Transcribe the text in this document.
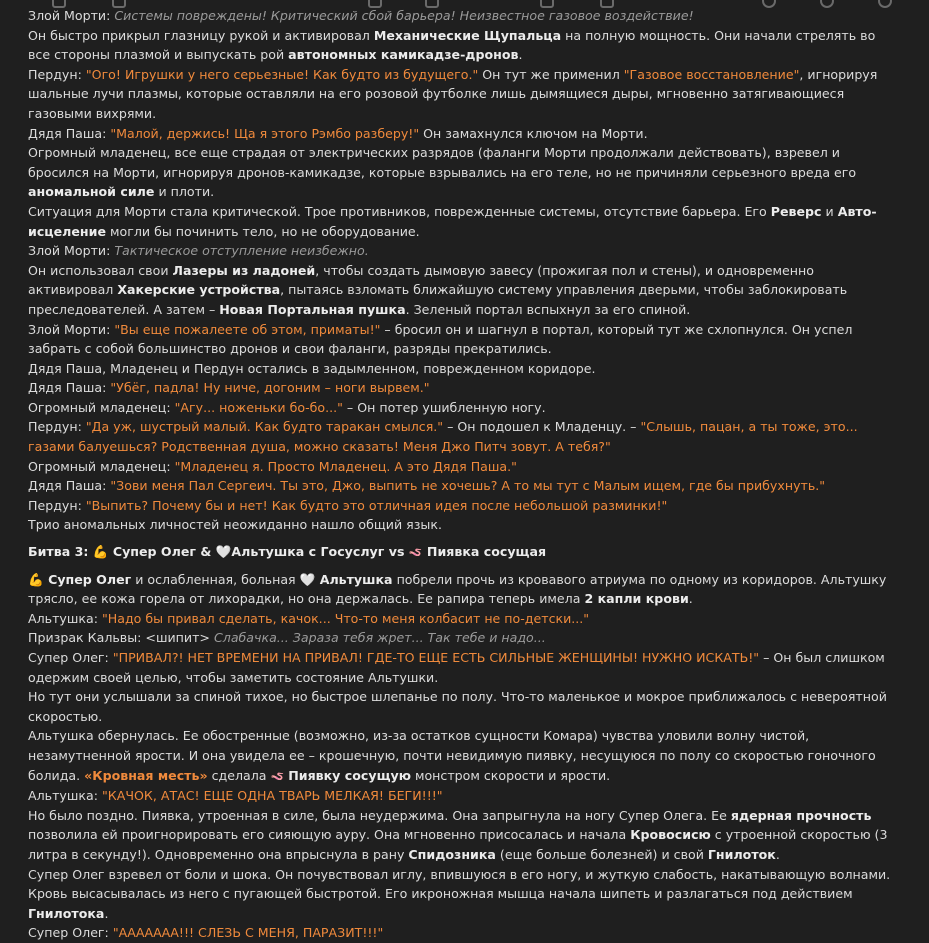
Злой Морти: Системы повреждены! Критический сбой барьера! Неизвестное газовое воздействие!

Он быстро прикрыл глазницу рукой и активировал Механические Щупальца на полную мощность. Они начали стрелять во все стороны плазмой и выпускать рой автономных камикадзе-дронов.

Пердун: "Ого! Игрушки у него серьезные! Как будто из будущего." Он тут же применил "Газовое восстановление", игнорируя шальные лучи плазмы, которые оставляли на его розовой футболке лишь дымящиеся дыры, мгновенно затягивающиеся газовыми вихрями.

Дядя Паша: "Малой, держись! Ща я этого Рэмбо разберу!" Он замахнулся ключом на Морти.

Огромный младенец, все еще страдая от электрических разрядов (фаланги Морти продолжали действовать), взревел и бросился на Морти, игнорируя дронов-камикадзе, которые взрывались на его теле, но не причиняли серьезного вреда его аномальной силе и плоти.

Ситуация для Морти стала критической. Трое противников, поврежденные системы, отсутствие барьера. Его Реверс и Авто-исцеление могли бы починить тело, но не оборудование.

Злой Морти: Тактическое отступление неизбежно.

Он использовал свои Лазеры из ладоней, чтобы создать дымовую завесу (прожигая пол и стены), и одновременно активировал Хакерские устройства, пытаясь взломать ближайшую систему управления дверьми, чтобы заблокировать преследователей. А затем – Новая Портальная пушка. Зеленый портал вспыхнул за его спиной.

Злой Морти: "Вы еще пожалеете об этом, приматы!" – бросил он и шагнул в портал, который тут же схлопнулся. Он успел забрать с собой большинство дронов и свои фаланги, разряды прекратились.

Дядя Паша, Младенец и Пердун остались в задымленном, поврежденном коридоре.

Дядя Паша: "Убёг, падла! Ну ниче, догоним – ноги вырвем."

Огромный младенец: "Агу... ноженьки бо-бо..." – Он потер ушибленную ногу.

Пердун: "Да уж, шустрый малый. Как будто таракан смылся." – Он подошел к Младенцу. – "Слышь, пацан, а ты тоже, это... газами балуешься? Родственная душа, можно сказать! Меня Джо Питч зовут. А тебя?"

Огромный младенец: "Младенец я. Просто Младенец. А это Дядя Паша."

Дядя Паша: "Зови меня Пал Сергеич. Ты это, Джо, выпить не хочешь? А то мы тут с Малым ищем, где бы прибухнуть."

Пердун: "Выпить? Почему бы и нет! Как будто это отличная идея после небольшой разминки!"

Трио аномальных личностей неожиданно нашло общий язык.

Битва 3: 💪 Супер Олег & 🤍Альтушка с Госуслуг vs 🪱 Пиявка сосущая

💪 Супер Олег и ослабленная, больная 🤍 Альтушка побрели прочь из кровавого атриума по одному из коридоров. Альтушку трясло, ее кожа горела от лихорадки, но она держалась. Ее рапира теперь имела 2 капли крови.

Альтушка: "Надо бы привал сделать, качок... Что-то меня колбасит не по-детски..."

Призрак Кальвы: <шипит> Слабачка... Зараза тебя жрет... Так тебе и надо...

Супер Олег: "ПРИВАЛ?! НЕТ ВРЕМЕНИ НА ПРИВАЛ! ГДЕ-ТО ЕЩЕ ЕСТЬ СИЛЬНЫЕ ЖЕНЩИНЫ! НУЖНО ИСКАТЬ!" – Он был слишком одержим своей целью, чтобы заметить состояние Альтушки.

Но тут они услышали за спиной тихое, но быстрое шлепанье по полу. Что-то маленькое и мокрое приближалось с невероятной скоростью.

Альтушка обернулась. Ее обостренные (возможно, из-за остатков сущности Комара) чувства уловили волну чистой, незамутненной ярости. И она увидела ее – крошечную, почти невидимую пиявку, несущуюся по полу со скоростью гоночного болида. «Кровная месть» сделала 🪱 Пиявку сосущую монстром скорости и ярости.

Альтушка: "КАЧОК, АТАС! ЕЩЕ ОДНА ТВАРЬ МЕЛКАЯ! БЕГИ!!!"

Но было поздно. Пиявка, утроенная в силе, была неудержима. Она запрыгнула на ногу Супер Олега. Ее ядерная прочность позволила ей проигнорировать его сияющую ауру. Она мгновенно присосалась и начала Кровосисю с утроенной скоростью (3 литра в секунду!). Одновременно она впрыснула в рану Спидозника (еще больше болезней) и свой Гнилоток.

Супер Олег взревел от боли и шока. Он почувствовал иглу, впившуюся в его ногу, и жуткую слабость, накатывающую волнами. Кровь высасывалась из него с пугающей быстротой. Его икроножная мышца начала шипеть и разлагаться под действием Гнилотока.

Супер Олег: "ААААААА!!! СЛЕЗЬ С МЕНЯ, ПАРАЗИТ!!!"
